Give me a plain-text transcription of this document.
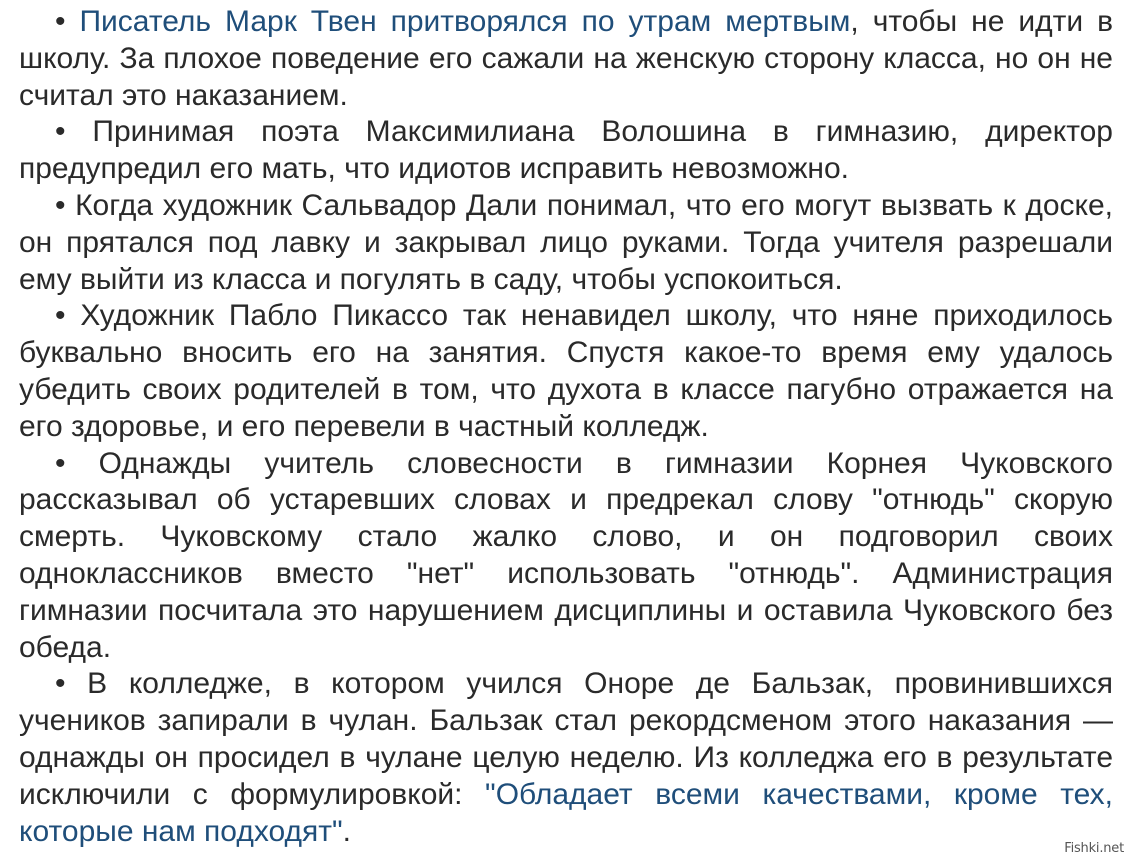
• Писатель Марк Твен притворялся по утрам мертвым, чтобы не идти в школу. За плохое поведение его сажали на женскую сторону класса, но он не считал это наказанием.

• Принимая поэта Максимилиана Волошина в гимназию, директор предупредил его мать, что идиотов исправить невозможно.

• Когда художник Сальвадор Дали понимал, что его могут вызвать к доске, он прятался под лавку и закрывал лицо руками. Тогда учителя разрешали ему выйти из класса и погулять в саду, чтобы успокоиться.

• Художник Пабло Пикассо так ненавидел школу, что няне приходилось буквально вносить его на занятия. Спустя какое-то время ему удалось убедить своих родителей в том, что духота в классе пагубно отражается на его здоровье, и его перевели в частный колледж.

• Однажды учитель словесности в гимназии Корнея Чуковского рассказывал об устаревших словах и предрекал слову "отнюдь" скорую смерть. Чуковскому стало жалко слово, и он подговорил своих одноклассников вместо "нет" использовать "отнюдь". Администрация гимназии посчитала это нарушением дисциплины и оставила Чуковского без обеда.

• В колледже, в котором учился Оноре де Бальзак, провинившихся учеников запирали в чулан. Бальзак стал рекордсменом этого наказания — однажды он просидел в чулане целую неделю. Из колледжа его в результате исключили с формулировкой: "Обладает всеми качествами, кроме тех, которые нам подходят".

Fishki.net
